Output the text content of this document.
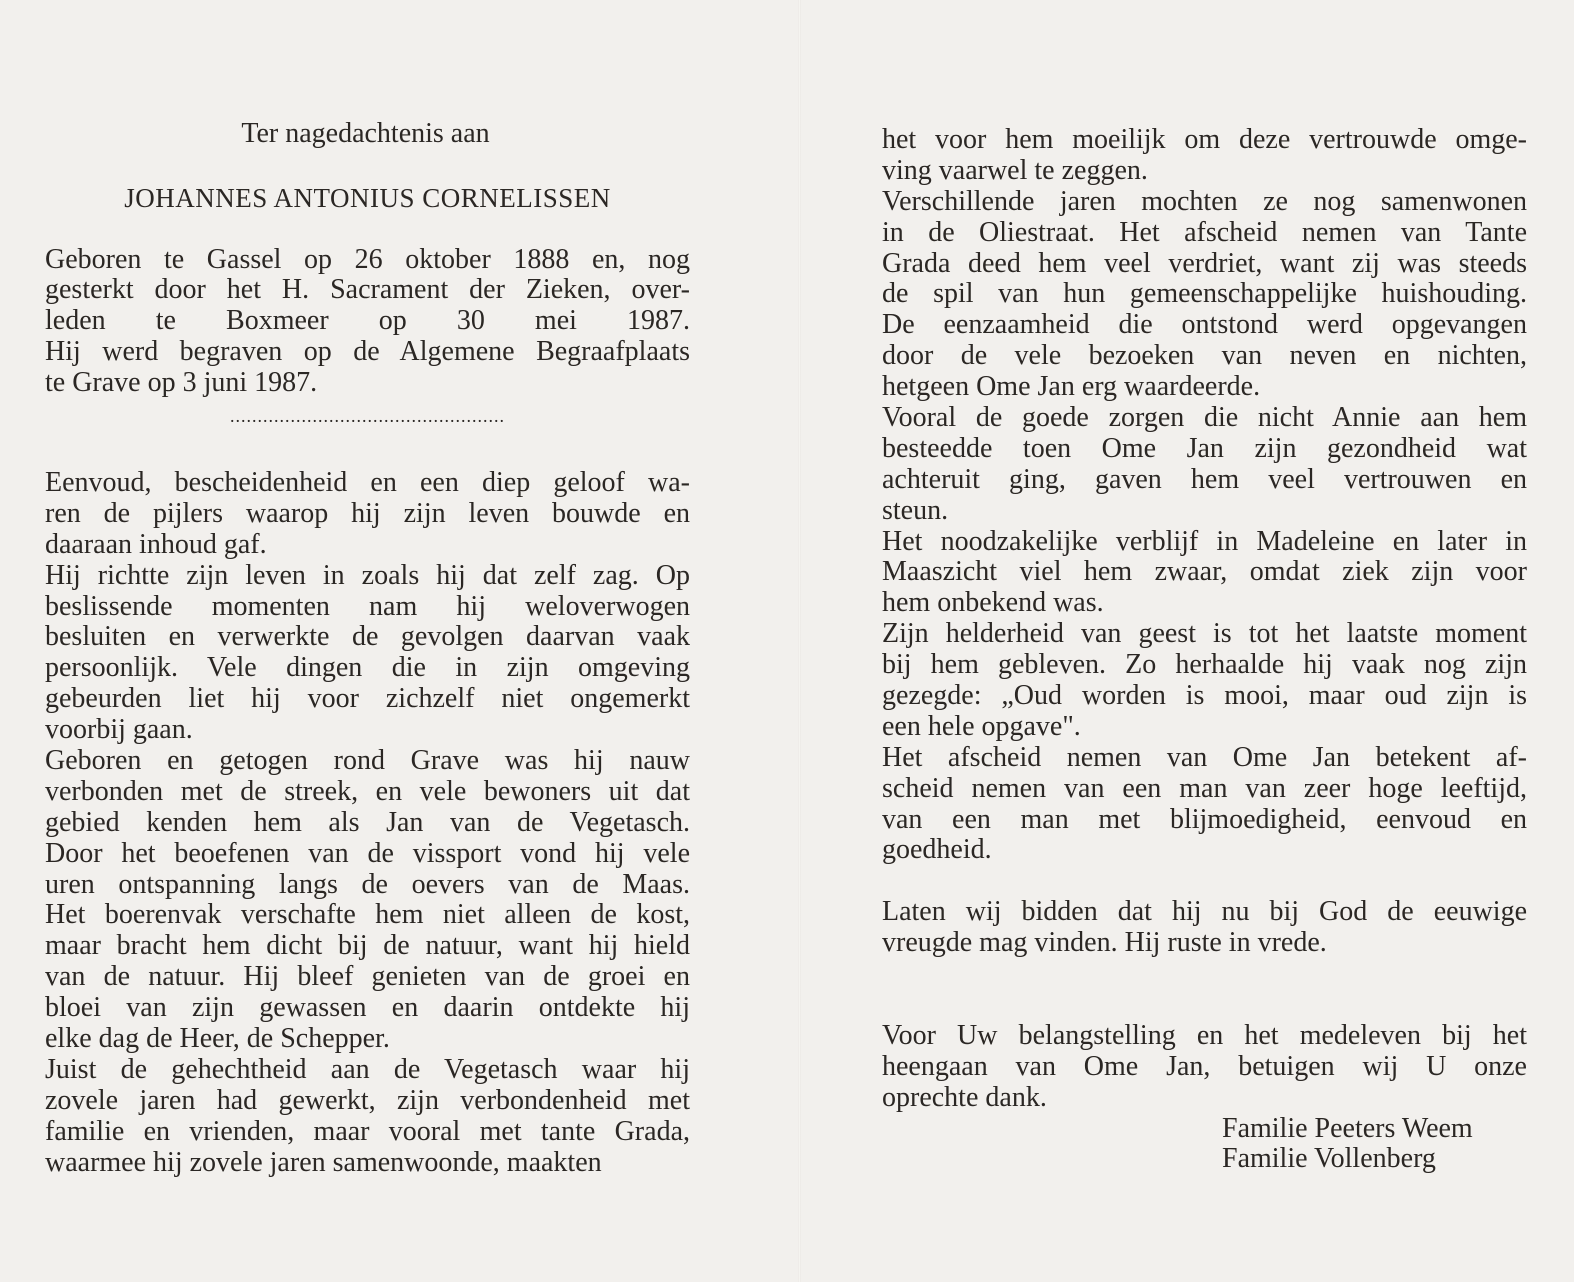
Ter nagedachtenis aan
JOHANNES ANTONIUS CORNELISSEN
Geboren te Gassel op 26 oktober 1888 en, nog
gesterkt door het H. Sacrament der Zieken, over-
leden te Boxmeer op 30 mei 1987.
Hij werd begraven op de Algemene Begraafplaats
te Grave op 3 juni 1987.
..................................................
Eenvoud, bescheidenheid en een diep geloof wa-
ren de pijlers waarop hij zijn leven bouwde en
daaraan inhoud gaf.
Hij richtte zijn leven in zoals hij dat zelf zag. Op
beslissende momenten nam hij weloverwogen
besluiten en verwerkte de gevolgen daarvan vaak
persoonlijk. Vele dingen die in zijn omgeving
gebeurden liet hij voor zichzelf niet ongemerkt
voorbij gaan.
Geboren en getogen rond Grave was hij nauw
verbonden met de streek, en vele bewoners uit dat
gebied kenden hem als Jan van de Vegetasch.
Door het beoefenen van de vissport vond hij vele
uren ontspanning langs de oevers van de Maas.
Het boerenvak verschafte hem niet alleen de kost,
maar bracht hem dicht bij de natuur, want hij hield
van de natuur. Hij bleef genieten van de groei en
bloei van zijn gewassen en daarin ontdekte hij
elke dag de Heer, de Schepper.
Juist de gehechtheid aan de Vegetasch waar hij
zovele jaren had gewerkt, zijn verbondenheid met
familie en vrienden, maar vooral met tante Grada,
waarmee hij zovele jaren samenwoonde, maakten
het voor hem moeilijk om deze vertrouwde omge-
ving vaarwel te zeggen.
Verschillende jaren mochten ze nog samenwonen
in de Oliestraat. Het afscheid nemen van Tante
Grada deed hem veel verdriet, want zij was steeds
de spil van hun gemeenschappelijke huishouding.
De eenzaamheid die ontstond werd opgevangen
door de vele bezoeken van neven en nichten,
hetgeen Ome Jan erg waardeerde.
Vooral de goede zorgen die nicht Annie aan hem
besteedde toen Ome Jan zijn gezondheid wat
achteruit ging, gaven hem veel vertrouwen en
steun.
Het noodzakelijke verblijf in Madeleine en later in
Maaszicht viel hem zwaar, omdat ziek zijn voor
hem onbekend was.
Zijn helderheid van geest is tot het laatste moment
bij hem gebleven. Zo herhaalde hij vaak nog zijn
gezegde: „Oud worden is mooi, maar oud zijn is
een hele opgave".
Het afscheid nemen van Ome Jan betekent af-
scheid nemen van een man van zeer hoge leeftijd,
van een man met blijmoedigheid, eenvoud en
goedheid.
Laten wij bidden dat hij nu bij God de eeuwige
vreugde mag vinden. Hij ruste in vrede.
Voor Uw belangstelling en het medeleven bij het
heengaan van Ome Jan, betuigen wij U onze
oprechte dank.
Familie Peeters Weem
Familie Vollenberg
